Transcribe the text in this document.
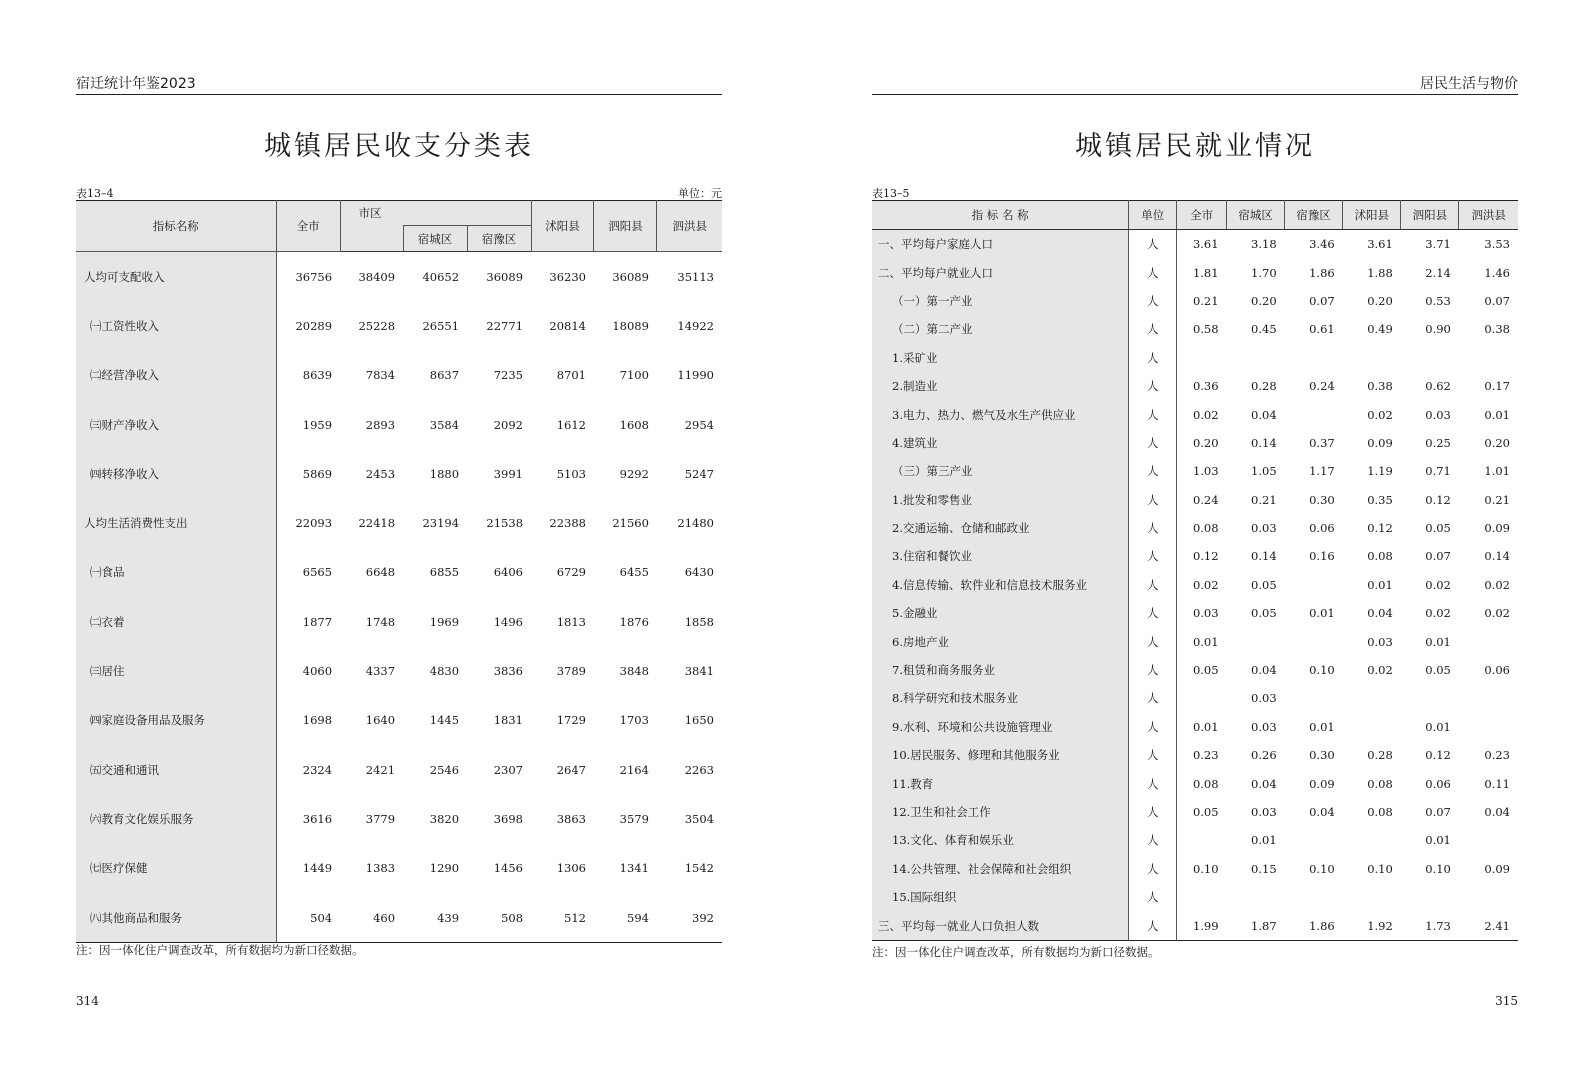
宿迁统计年鉴2023
城镇居民收支分类表
表13–4	单位：元
指标名称	全市	市区			沭阳县	泗阳县	泗洪县
			宿城区	宿豫区			
人均可支配收入	36756	38409	40652	36089	36230	36089	35113
㈠工资性收入	20289	25228	26551	22771	20814	18089	14922
㈡经营净收入	8639	7834	8637	7235	8701	7100	11990
㈢财产净收入	1959	2893	3584	2092	1612	1608	2954
㈣转移净收入	5869	2453	1880	3991	5103	9292	5247
人均生活消费性支出	22093	22418	23194	21538	22388	21560	21480
㈠食品	6565	6648	6855	6406	6729	6455	6430
㈡衣着	1877	1748	1969	1496	1813	1876	1858
㈢居住	4060	4337	4830	3836	3789	3848	3841
㈣家庭设备用品及服务	1698	1640	1445	1831	1729	1703	1650
㈤交通和通讯	2324	2421	2546	2307	2647	2164	2263
㈥教育文化娱乐服务	3616	3779	3820	3698	3863	3579	3504
㈦医疗保健	1449	1383	1290	1456	1306	1341	1542
㈧其他商品和服务	504	460	439	508	512	594	392
注：因一体化住户调查改革，所有数据均为新口径数据。
314
居民生活与物价
城镇居民就业情况
表13–5
指 标 名 称	单位	全市	宿城区	宿豫区	沭阳县	泗阳县	泗洪县
一、平均每户家庭人口	人	3.61	3.18	3.46	3.61	3.71	3.53
二、平均每户就业人口	人	1.81	1.70	1.86	1.88	2.14	1.46
（一）第一产业	人	0.21	0.20	0.07	0.20	0.53	0.07
（二）第二产业	人	0.58	0.45	0.61	0.49	0.90	0.38
1.采矿业	人						
2.制造业	人	0.36	0.28	0.24	0.38	0.62	0.17
3.电力、热力、燃气及水生产供应业	人	0.02	0.04		0.02	0.03	0.01
4.建筑业	人	0.20	0.14	0.37	0.09	0.25	0.20
（三）第三产业	人	1.03	1.05	1.17	1.19	0.71	1.01
1.批发和零售业	人	0.24	0.21	0.30	0.35	0.12	0.21
2.交通运输、仓储和邮政业	人	0.08	0.03	0.06	0.12	0.05	0.09
3.住宿和餐饮业	人	0.12	0.14	0.16	0.08	0.07	0.14
4.信息传输、软件业和信息技术服务业	人	0.02	0.05		0.01	0.02	0.02
5.金融业	人	0.03	0.05	0.01	0.04	0.02	0.02
6.房地产业	人	0.01			0.03	0.01	
7.租赁和商务服务业	人	0.05	0.04	0.10	0.02	0.05	0.06
8.科学研究和技术服务业	人		0.03				
9.水利、环境和公共设施管理业	人	0.01	0.03	0.01		0.01	
10.居民服务、修理和其他服务业	人	0.23	0.26	0.30	0.28	0.12	0.23
11.教育	人	0.08	0.04	0.09	0.08	0.06	0.11
12.卫生和社会工作	人	0.05	0.03	0.04	0.08	0.07	0.04
13.文化、体育和娱乐业	人		0.01			0.01	
14.公共管理、社会保障和社会组织	人	0.10	0.15	0.10	0.10	0.10	0.09
15.国际组织	人						
三、平均每一就业人口负担人数	人	1.99	1.87	1.86	1.92	1.73	2.41
注：因一体化住户调查改革，所有数据均为新口径数据。
315
